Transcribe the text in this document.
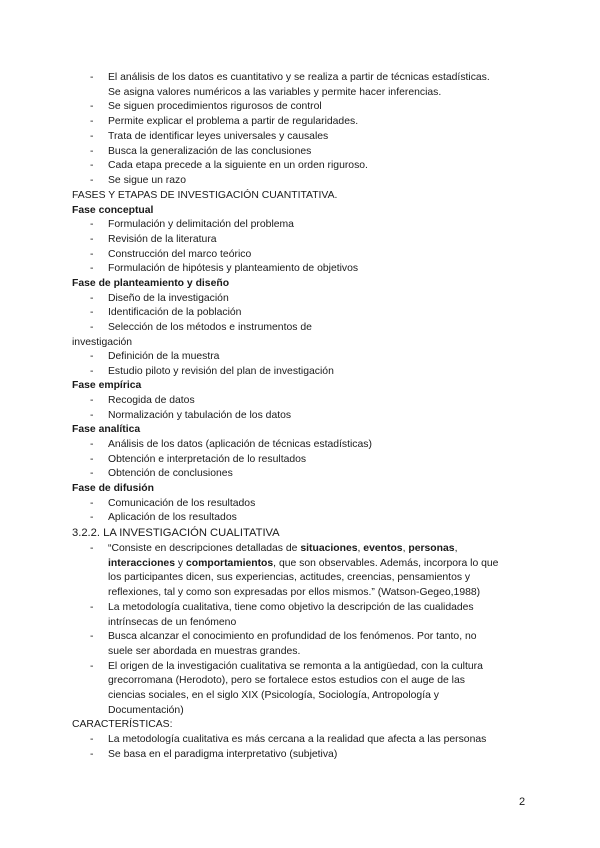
- El análisis de los datos es cuantitativo y se realiza a partir de técnicas estadísticas.
Se asigna valores numéricos a las variables y permite hacer inferencias.
- Se siguen procedimientos rigurosos de control
- Permite explicar el problema a partir de regularidades.
- Trata de identificar leyes universales y causales
- Busca la generalización de las conclusiones
- Cada etapa precede a la siguiente en un orden riguroso.
- Se sigue un razo
FASES Y ETAPAS DE INVESTIGACIÓN CUANTITATIVA.
Fase conceptual
- Formulación y delimitación del problema
- Revisión de la literatura
- Construcción del marco teórico
- Formulación de hipótesis y planteamiento de objetivos
Fase de planteamiento y diseño
- Diseño de la investigación
- Identificación de la población
- Selección de los métodos e instrumentos de
investigación
- Definición de la muestra
- Estudio piloto y revisión del plan de investigación
Fase empírica
- Recogida de datos
- Normalización y tabulación de los datos
Fase analítica
- Análisis de los datos (aplicación de técnicas estadísticas)
- Obtención e interpretación de lo resultados
- Obtención de conclusiones
Fase de difusión
- Comunicación de los resultados
- Aplicación de los resultados
3.2.2. LA INVESTIGACIÓN CUALITATIVA
- “Consiste en descripciones detalladas de situaciones, eventos, personas,
interacciones y comportamientos, que son observables. Además, incorpora lo que
los participantes dicen, sus experiencias, actitudes, creencias, pensamientos y
reflexiones, tal y como son expresadas por ellos mismos.” (Watson-Gegeo,1988)
- La metodología cualitativa, tiene como objetivo la descripción de las cualidades
intrínsecas de un fenómeno
- Busca alcanzar el conocimiento en profundidad de los fenómenos. Por tanto, no
suele ser abordada en muestras grandes.
- El origen de la investigación cualitativa se remonta a la antigüedad, con la cultura
grecorromana (Herodoto), pero se fortalece estos estudios con el auge de las
ciencias sociales, en el siglo XIX (Psicología, Sociología, Antropología y
Documentación)
CARACTERÍSTICAS:
- La metodología cualitativa es más cercana a la realidad que afecta a las personas
- Se basa en el paradigma interpretativo (subjetiva)
2
